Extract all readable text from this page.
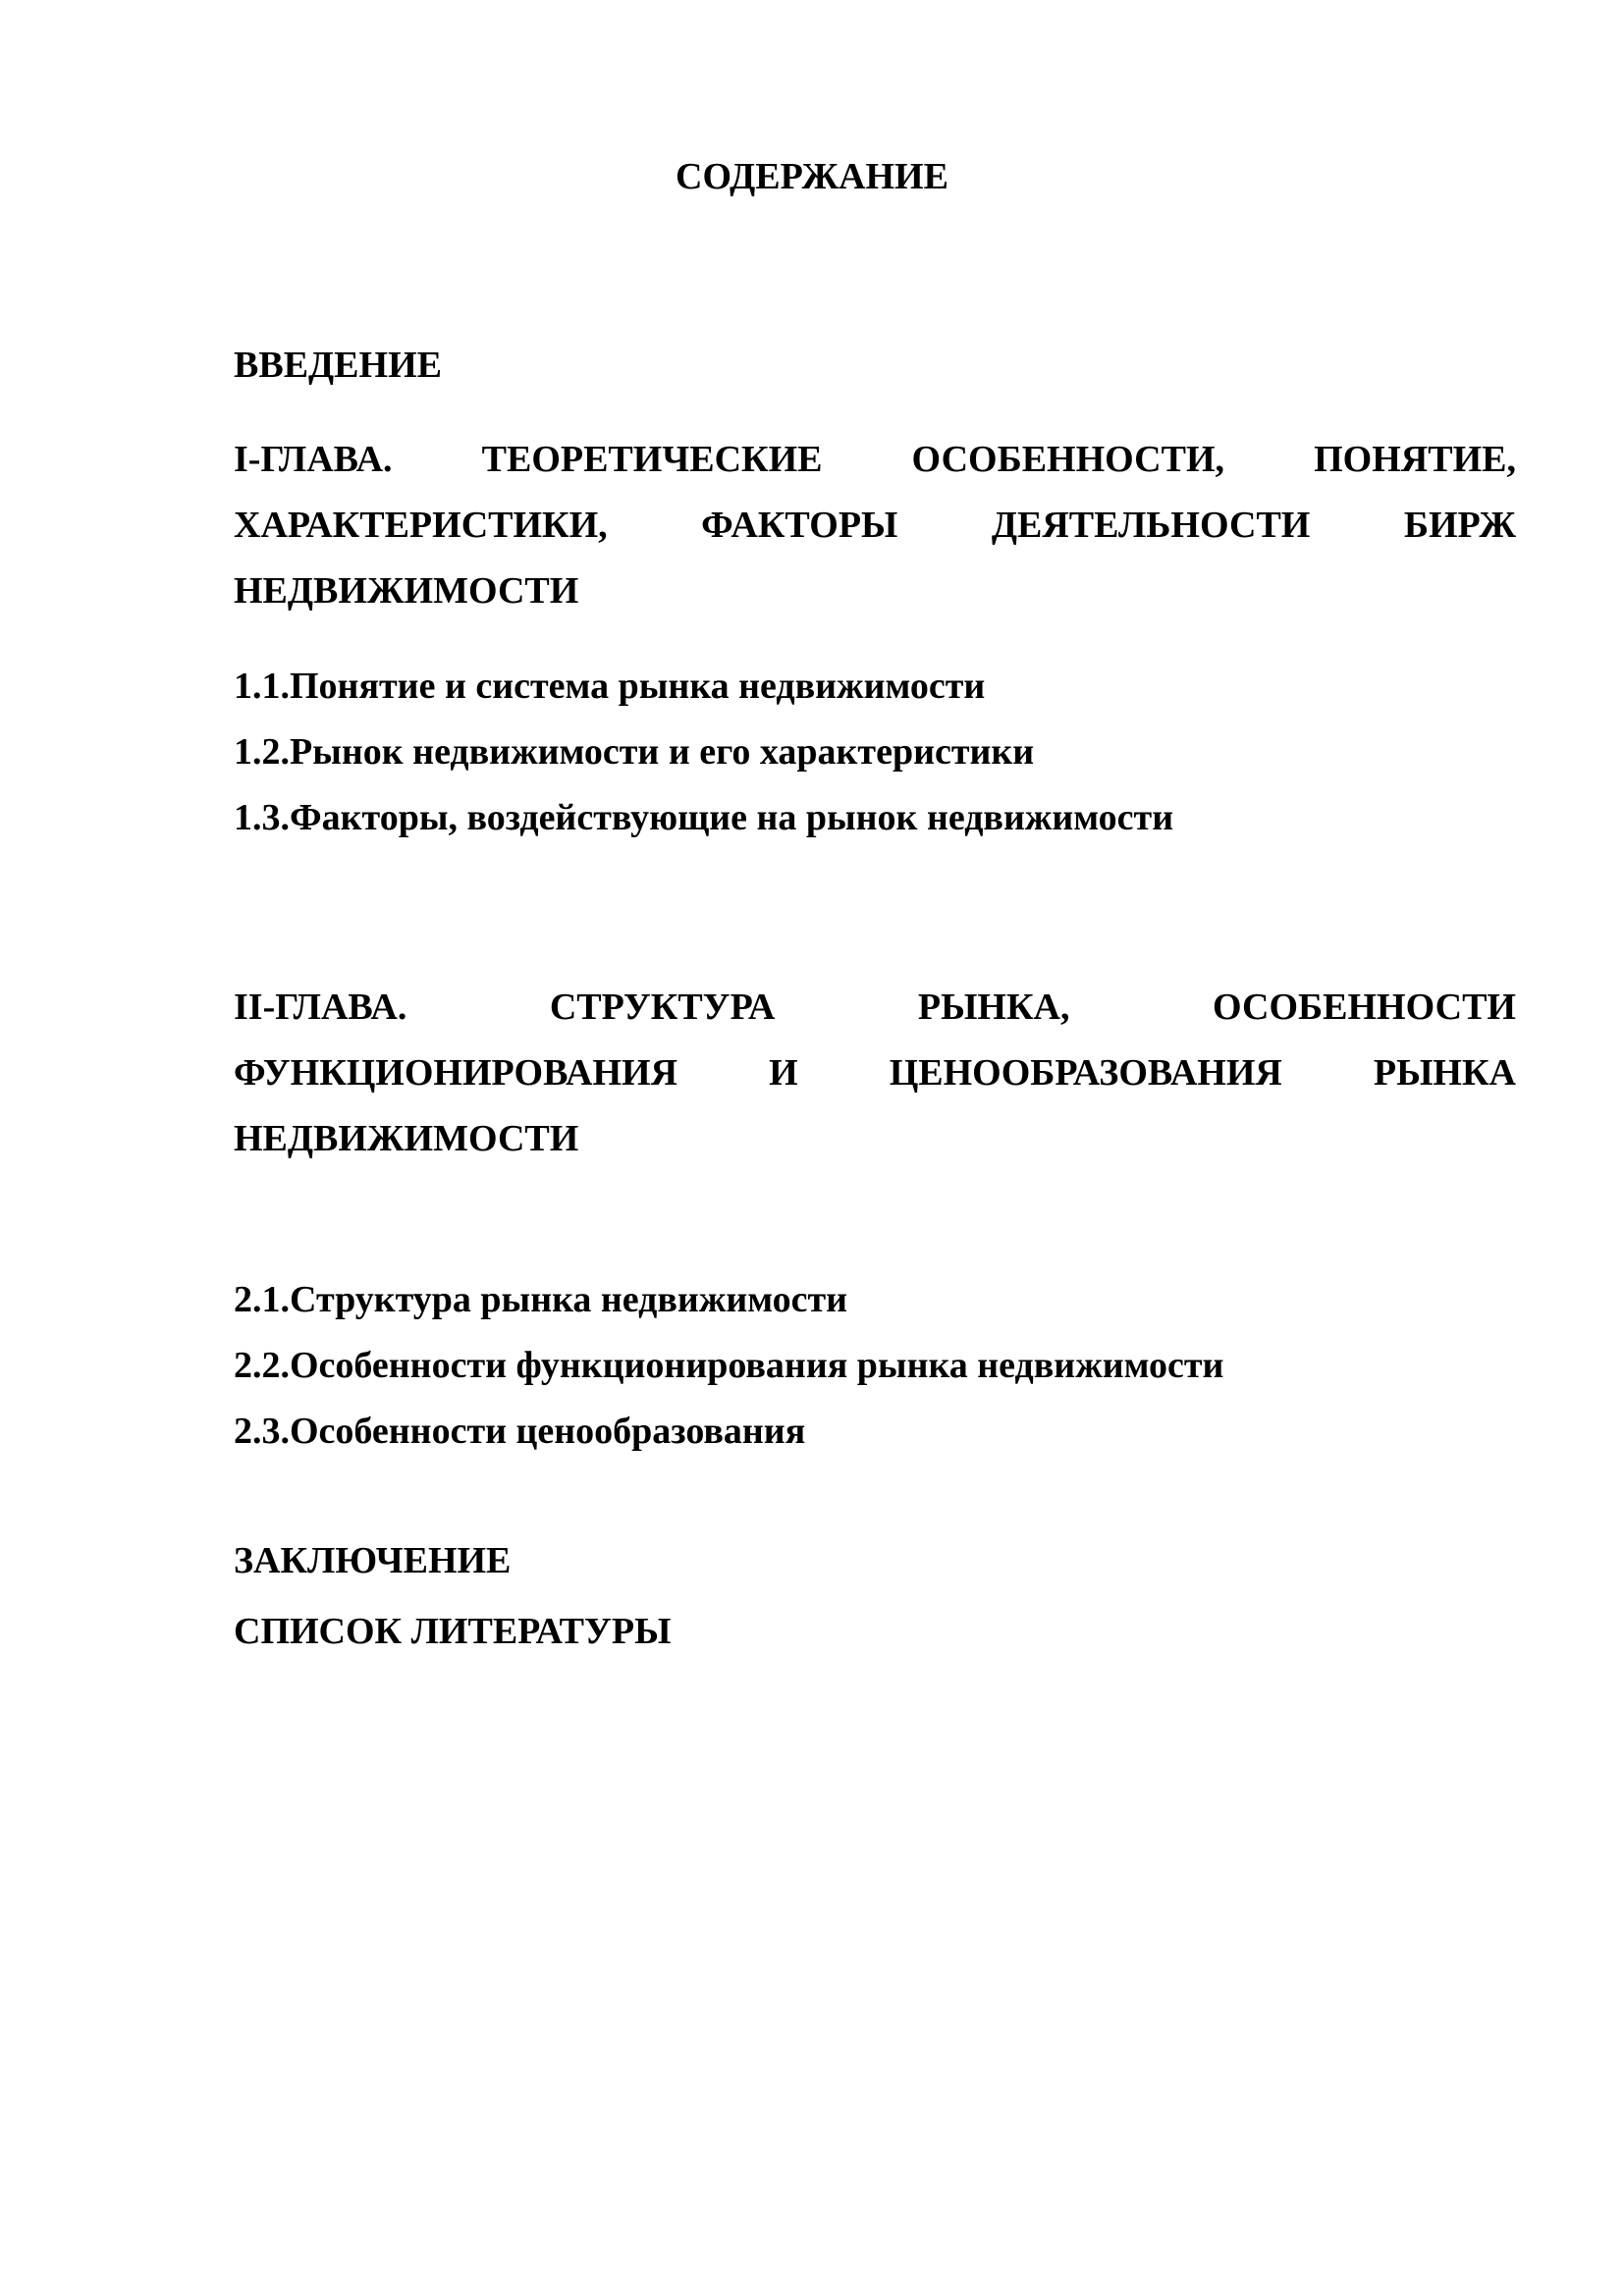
СОДЕРЖАНИЕ

ВВЕДЕНИЕ

I-ГЛАВА. ТЕОРЕТИЧЕСКИЕ ОСОБЕННОСТИ, ПОНЯТИЕ,
ХАРАКТЕРИСТИКИ,	ФАКТОРЫ	ДЕЯТЕЛЬНОСТИ	БИРЖ

НЕДВИЖИМОСТИ

1.1.Понятие и система рынка недвижимости

1.2.Рынок недвижимости и его характеристики

1.3.Факторы, воздействующие на рынок недвижимости

II-ГЛАВА.	СТРУКТУРА	РЫНКА,	ОСОБЕННОСТИ
ФУНКЦИОНИРОВАНИЯ И ЦЕНООБРАЗОВАНИЯ РЫНКА

НЕДВИЖИМОСТИ

2.1.Структура рынка недвижимости

2.2.Особенности функционирования рынка недвижимости

2.3.Особенности ценообразования

ЗАКЛЮЧЕНИЕ

СПИСОК ЛИТЕРАТУРЫ
